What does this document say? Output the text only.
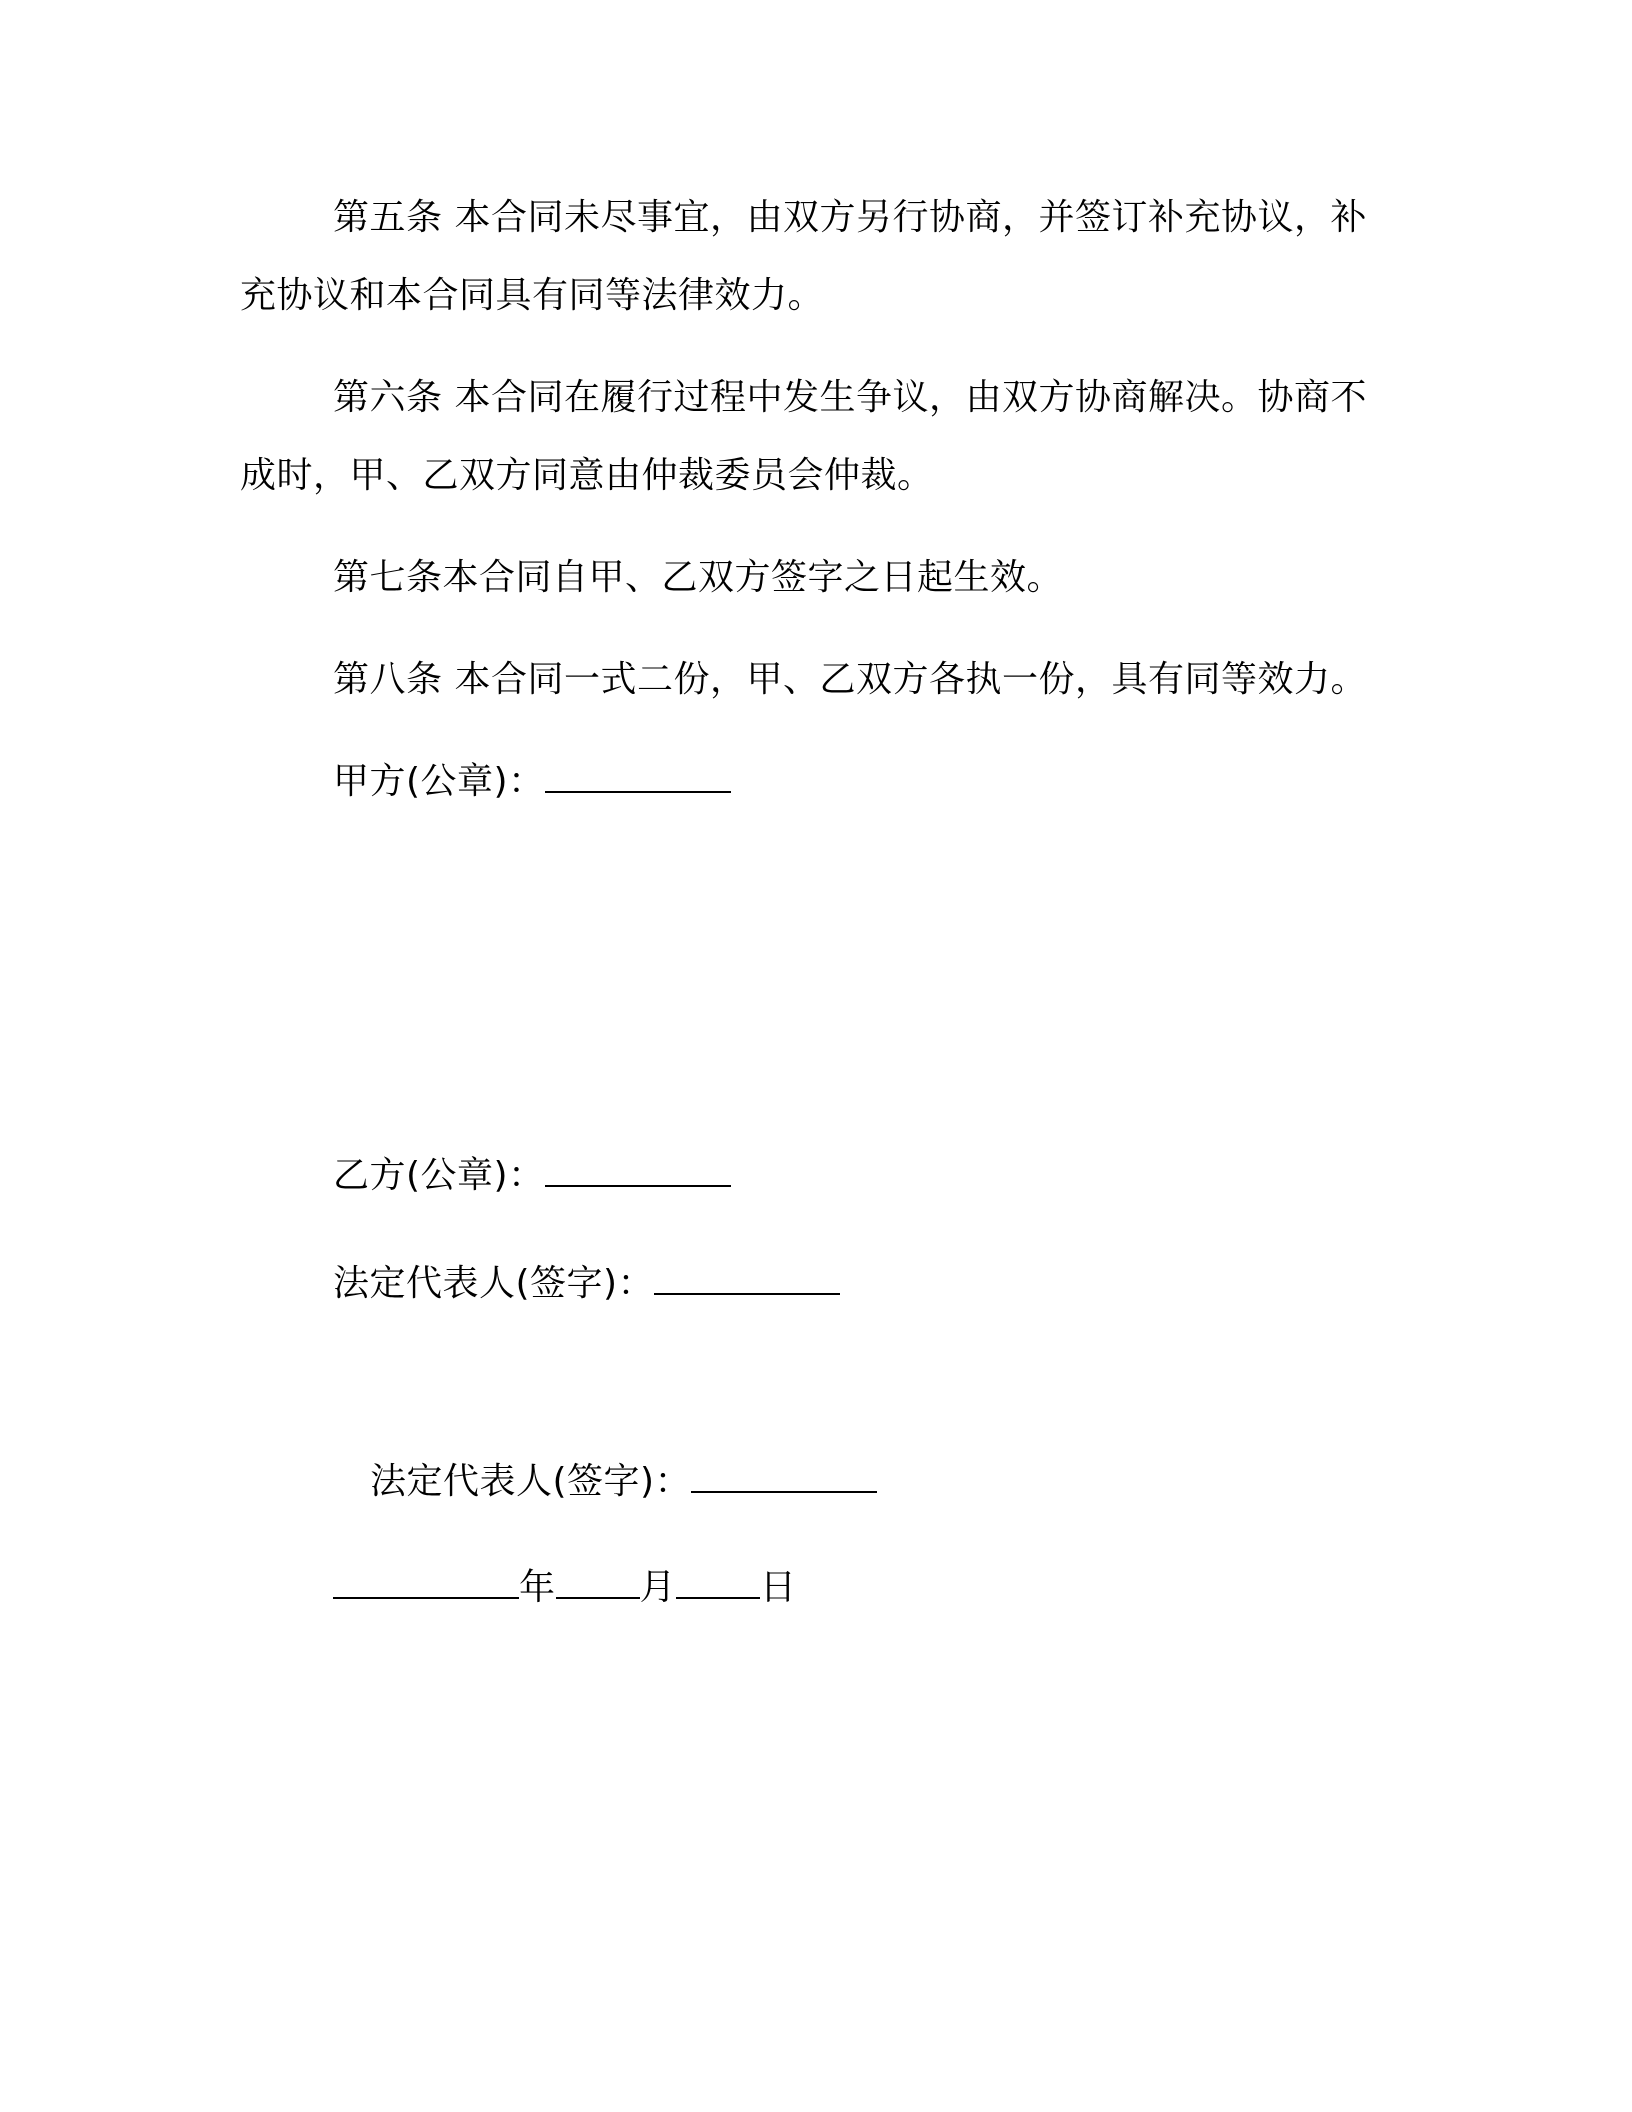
第五条 本合同未尽事宜，由双方另行协商，并签订补充协议，补
充协议和本合同具有同等法律效力。
第六条 本合同在履行过程中发生争议，由双方协商解决。协商不
成时，甲、乙双方同意由仲裁委员会仲裁。
第七条本合同自甲、乙双方签字之日起生效。
第八条 本合同一式二份，甲、乙双方各执一份，具有同等效力。
甲方(公章)：
乙方(公章)：
法定代表人(签字)：
法定代表人(签字)：
年 月 日
